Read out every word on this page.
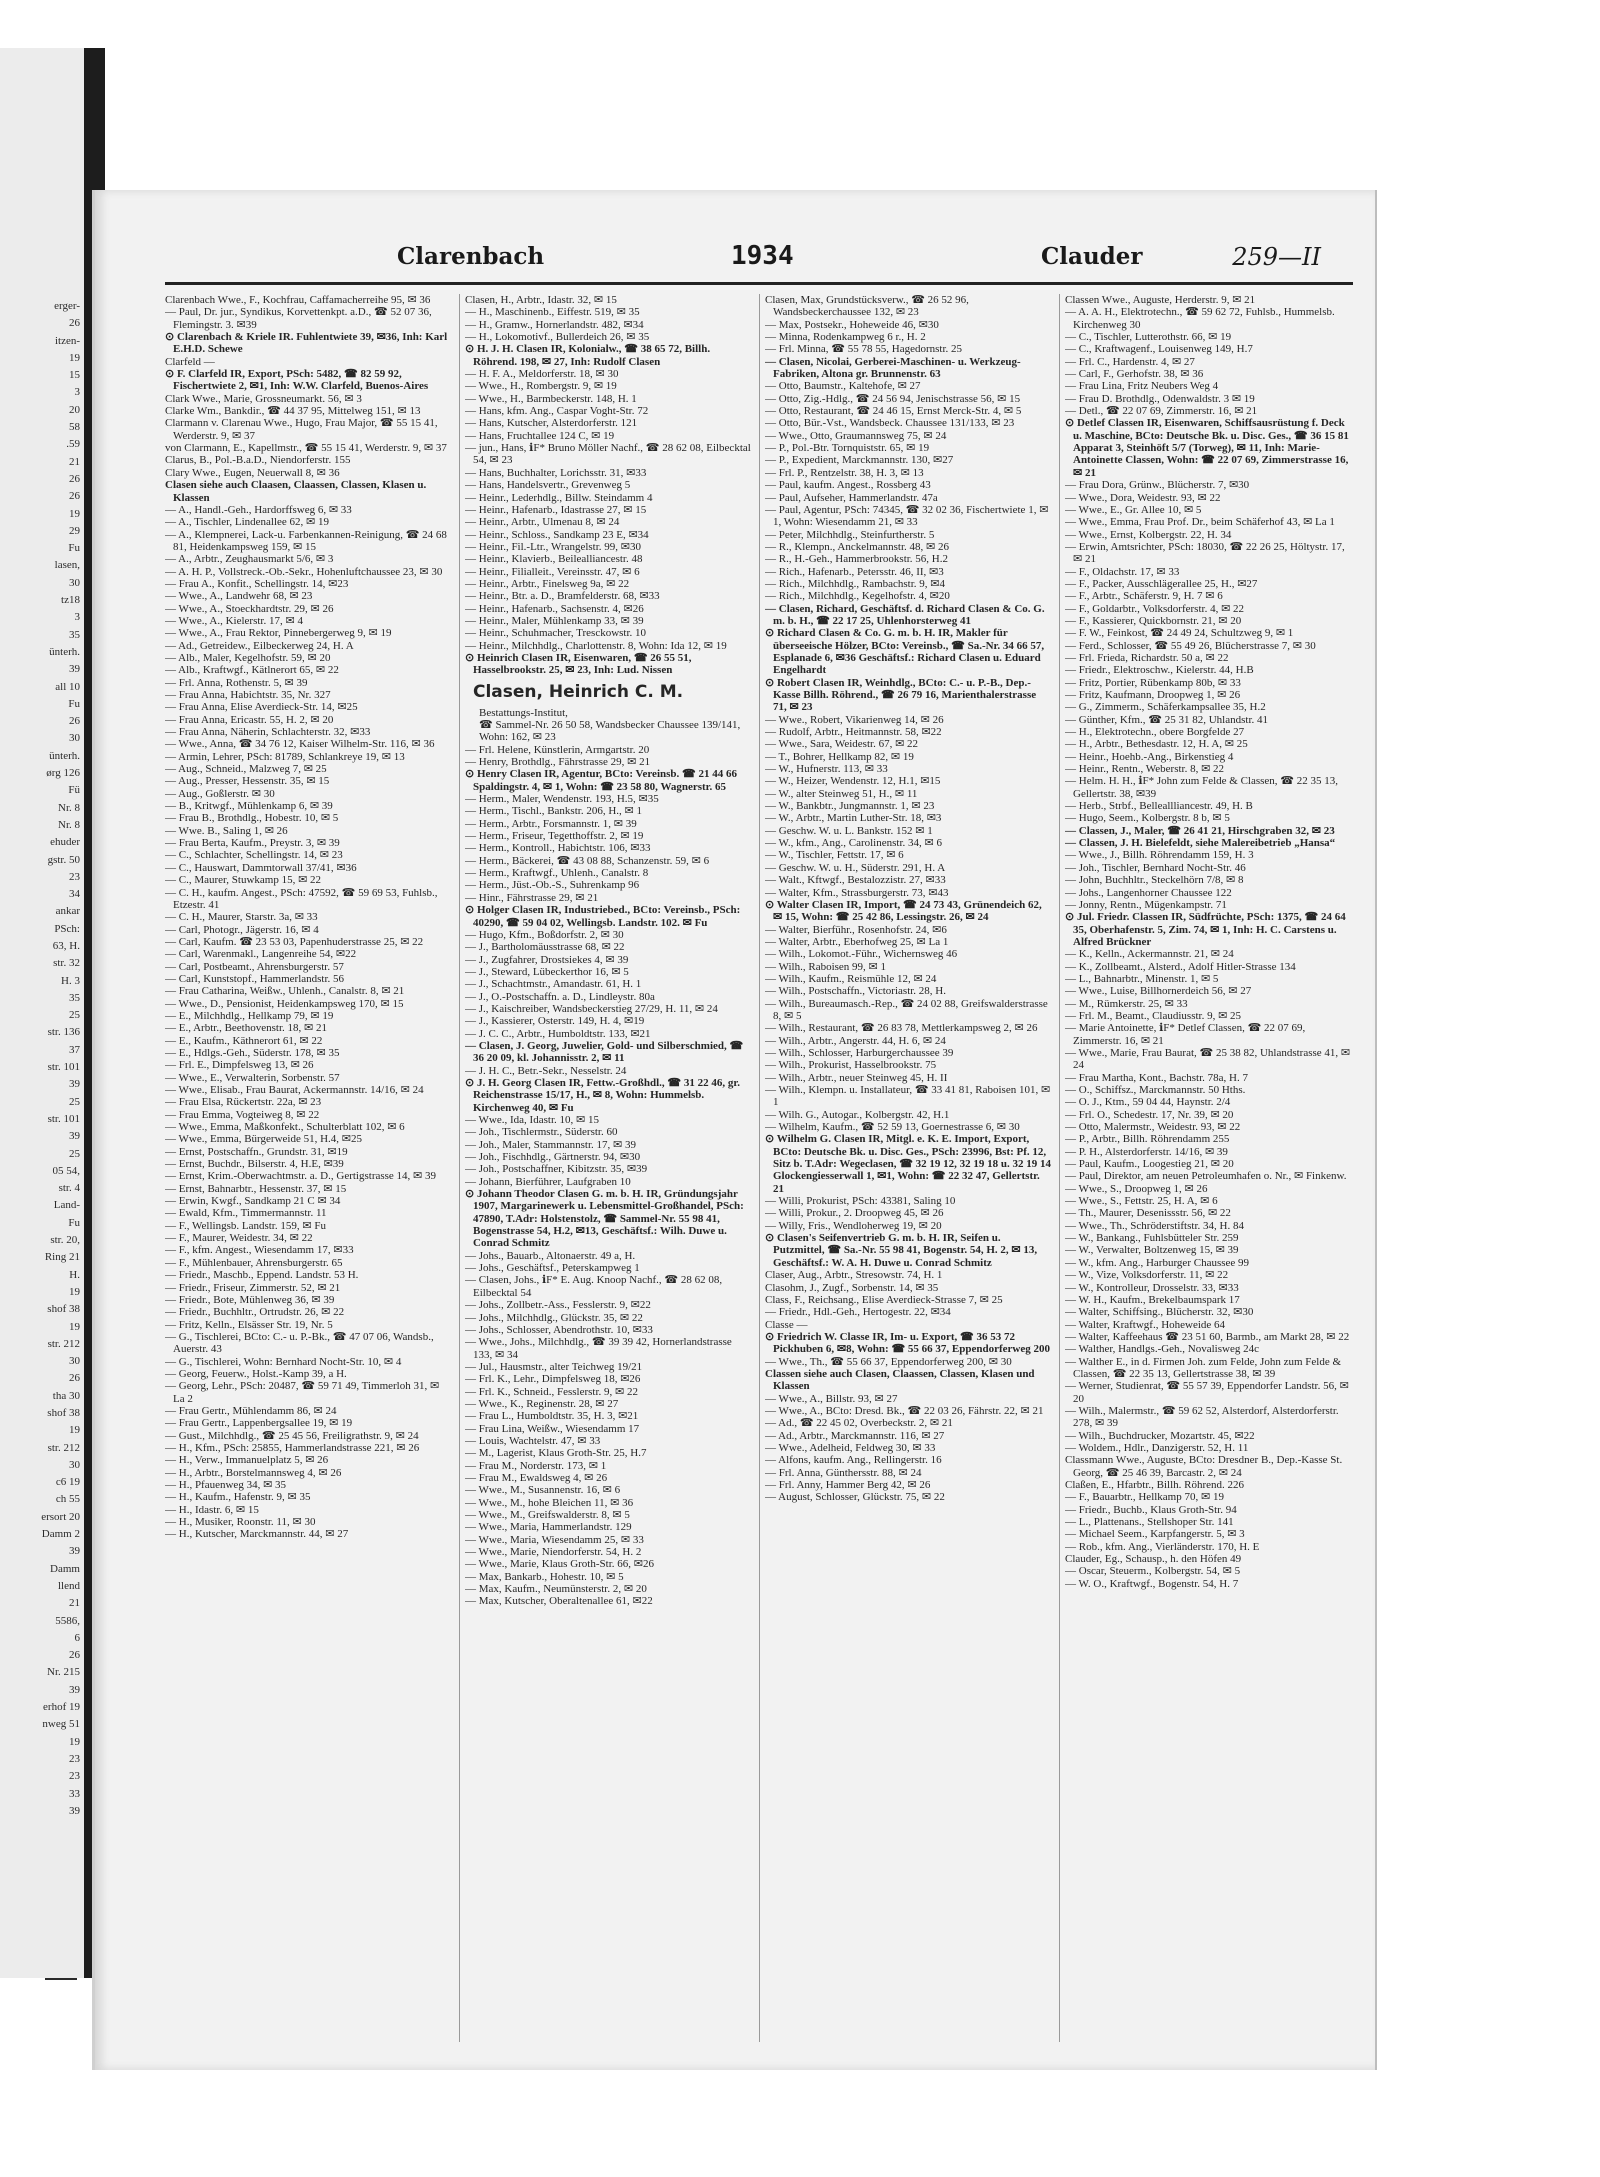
erger-
26
itzen-
19
15
3
20
58
.59
21
26
26
19
29
Fu
lasen,
30
tz18
3
35
ünterh.
39
all 10
Fu
26
30
ünterh.
ørg 126
Fü
Nr. 8
Nr. 8
ehuder
gstr. 50
23
34
ankar
PSch:
63, H.
str. 32
H. 3
35
25
str. 136
37
str. 101
39
25
str. 101
39
25
05 54,
str. 4
Land-
Fu
str. 20,
Ring 21
H.
19
shof 38
19
str. 212
30
26
tha 30
shof 38
19
str. 212
30
c6 19
ch 55
ersort 20
Damm 2
39
Damm
llend
21
5586,
6
26
Nr. 215
39
erhof 19
nweg 51
19
23
23
33
39
Clarenbach	1934	Clauder	259—II
Clarenbach Wwe., F., Kochfrau, Caffamacherreihe 95, ✉ 36
— Paul, Dr. jur., Syndikus, Korvettenkpt. a.D., ☎ 52 07 36, Flemingstr. 3. ✉39
⊙ Clarenbach & Kriele IR. Fuhlentwiete 39, ✉36, Inh: Karl E.H.D. Schewe
Clarfeld —
⊙ F. Clarfeld IR, Export, PSch: 5482, ☎ 82 59 92, Fischertwiete 2, ✉1, Inh: W.W. Clarfeld, Buenos-Aires
Clark Wwe., Marie, Grossneumarkt. 56, ✉ 3
Clarke Wm., Bankdir., ☎ 44 37 95, Mittelweg 151, ✉ 13
Clarmann v. Clarenau Wwe., Hugo, Frau Major, ☎ 55 15 41, Werderstr. 9, ✉ 37
von Clarmann, E., Kapellmstr., ☎ 55 15 41, Werderstr. 9, ✉ 37
Clarus, B., Pol.-B.a.D., Niendorferstr. 155
Clary Wwe., Eugen, Neuerwall 8, ✉ 36
Clasen siehe auch Claasen, Claassen, Classen, Klasen u. Klassen
— A., Handl.-Geh., Hardorffsweg 6, ✉ 33
— A., Tischler, Lindenallee 62, ✉ 19
— A., Klempnerei, Lack-u. Farbenkannen-Reinigung, ☎ 24 68 81, Heidenkampsweg 159, ✉ 15
— A., Arbtr., Zeughausmarkt 5/6, ✉ 3
— A. H. P., Vollstreck.-Ob.-Sekr., Hohenluftchaussee 23, ✉ 30
— Frau A., Konfit., Schellingstr. 14, ✉23
— Wwe., A., Landwehr 68, ✉ 23
— Wwe., A., Stoeckhardtstr. 29, ✉ 26
— Wwe., A., Kielerstr. 17, ✉ 4
— Wwe., A., Frau Rektor, Pinnebergerweg 9, ✉ 19
— Ad., Getreidew., Eilbeckerweg 24, H. A
— Alb., Maler, Kegelhofstr. 59, ✉ 20
— Alb., Kraftwgf., Kätlnerort 65, ✉ 22
— Frl. Anna, Rothenstr. 5, ✉ 39
— Frau Anna, Habichtstr. 35, Nr. 327
— Frau Anna, Elise Averdieck-Str. 14, ✉25
— Frau Anna, Ericastr. 55, H. 2, ✉ 20
— Frau Anna, Näherin, Schlachterstr. 32, ✉33
— Wwe., Anna, ☎ 34 76 12, Kaiser Wilhelm-Str. 116, ✉ 36
— Armin, Lehrer, PSch: 81789, Schlankreye 19, ✉ 13
— Aug., Schneid., Malzweg 7, ✉ 25
— Aug., Presser, Hessenstr. 35, ✉ 15
— Aug., Goßlerstr. ✉ 30
— B., Kritwgf., Mühlenkamp 6, ✉ 39
— Frau B., Brothdlg., Hobestr. 10, ✉ 5
— Wwe. B., Saling 1, ✉ 26
— Frau Berta, Kaufm., Preystr. 3, ✉ 39
— C., Schlachter, Schellingstr. 14, ✉ 23
— C., Hauswart, Dammtorwall 37/41, ✉36
— C., Maurer, Stuwkamp 15, ✉ 22
— C. H., kaufm. Angest., PSch: 47592, ☎ 59 69 53, Fuhlsb., Etzestr. 41
— C. H., Maurer, Starstr. 3a, ✉ 33
— Carl, Photogr., Jägerstr. 16, ✉ 4
— Carl, Kaufm. ☎ 23 53 03, Papenhuderstrasse 25, ✉ 22
— Carl, Warenmakl., Langenreihe 54, ✉22
— Carl, Postbeamt., Ahrensburgerstr. 57
— Carl, Kunststopf., Hammerlandstr. 56
— Frau Catharina, Weißw., Uhlenh., Canalstr. 8, ✉ 21
— Wwe., D., Pensionist, Heidenkampsweg 170, ✉ 15
— E., Milchhdlg., Hellkamp 79, ✉ 19
— E., Arbtr., Beethovenstr. 18, ✉ 21
— E., Kaufm., Käthnerort 61, ✉ 22
— E., Hdlgs.-Geh., Süderstr. 178, ✉ 35
— Frl. E., Dimpfelsweg 13, ✉ 26
— Wwe., E., Verwalterin, Sorbenstr. 57
— Wwe., Elisab., Frau Baurat, Ackermannstr. 14/16, ✉ 24
— Frau Elsa, Rückertstr. 22a, ✉ 23
— Frau Emma, Vogteiweg 8, ✉ 22
— Wwe., Emma, Maßkonfekt., Schulterblatt 102, ✉ 6
— Wwe., Emma, Bürgerweide 51, H.4, ✉25
— Ernst, Postschaffn., Grundstr. 31, ✉19
— Ernst, Buchdr., Bilserstr. 4, H.E, ✉39
— Ernst, Krim.-Oberwachtmstr. a. D., Gertigstrasse 14, ✉ 39
— Ernst, Bahnarbtr., Hessenstr. 37, ✉ 15
— Erwin, Kwgf., Sandkamp 21 C ✉ 34
— Ewald, Kfm., Timmermannstr. 11
— F., Wellingsb. Landstr. 159, ✉ Fu
— F., Maurer, Weidestr. 34, ✉ 22
— F., kfm. Angest., Wiesendamm 17, ✉33
— F., Mühlenbauer, Ahrensburgerstr. 65
— Friedr., Maschb., Eppend. Landstr. 53 H.
— Friedr., Friseur, Zimmerstr. 52, ✉ 21
— Friedr., Bote, Mühlenweg 36, ✉ 39
— Friedr., Buchhltr., Ortrudstr. 26, ✉ 22
— Fritz, Kelln., Elsässer Str. 19, Nr. 5
— G., Tischlerei, BCto: C.- u. P.-Bk., ☎ 47 07 06, Wandsb., Auerstr. 43
— G., Tischlerei, Wohn: Bernhard Nocht-Str. 10, ✉ 4
— Georg, Feuerw., Holst.-Kamp 39, a H.
— Georg, Lehr., PSch: 20487, ☎ 59 71 49, Timmerloh 31, ✉ La 2
— Frau Gertr., Mühlendamm 86, ✉ 24
— Frau Gertr., Lappenbergsallee 19, ✉ 19
— Gust., Milchhdlg., ☎ 25 45 56, Freiligrathstr. 9, ✉ 24
— H., Kfm., PSch: 25855, Hammerlandstrasse 221, ✉ 26
— H., Verw., Immanuelplatz 5, ✉ 26
— H., Arbtr., Borstelmannsweg 4, ✉ 26
— H., Pfauenweg 34, ✉ 35
— H., Kaufm., Hafenstr. 9, ✉ 35
— H., Idastr. 6, ✉ 15
— H., Musiker, Roonstr. 11, ✉ 30
— H., Kutscher, Marckmannstr. 44, ✉ 27
Clasen, H., Arbtr., Idastr. 32, ✉ 15
— H., Maschinenb., Eiffestr. 519, ✉ 35
— H., Gramw., Hornerlandstr. 482, ✉34
— H., Lokomotivf., Bullerdeich 26, ✉ 35
⊙ H. J. H. Clasen IR, Kolonialw., ☎ 38 65 72, Billh. Röhrend. 198, ✉ 27, Inh: Rudolf Clasen
— H. F. A., Meldorferstr. 18, ✉ 30
— Wwe., H., Rombergstr. 9, ✉ 19
— Wwe., H., Barmbeckerstr. 148, H. 1
— Hans, kfm. Ang., Caspar Voght-Str. 72
— Hans, Kutscher, Alsterdorferstr. 121
— Hans, Fruchtallee 124 C, ✉ 19
— jun., Hans, ℹF* Bruno Möller Nachf., ☎ 28 62 08, Eilbecktal 54, ✉ 23
— Hans, Buchhalter, Lorichsstr. 31, ✉33
— Hans, Handelsvertr., Grevenweg 5
— Heinr., Lederhdlg., Billw. Steindamm 4
— Heinr., Hafenarb., Idastrasse 27, ✉ 15
— Heinr., Arbtr., Ulmenau 8, ✉ 24
— Heinr., Schloss., Sandkamp 23 E, ✉34
— Heinr., Fil.-Ltr., Wrangelstr. 99, ✉30
— Heinr., Klavierb., Beilealliancestr. 48
— Heinr., Filialleit., Vereinsstr. 47, ✉ 6
— Heinr., Arbtr., Finelsweg 9a, ✉ 22
— Heinr., Btr. a. D., Bramfelderstr. 68, ✉33
— Heinr., Hafenarb., Sachsenstr. 4, ✉26
— Heinr., Maler, Mühlenkamp 33, ✉ 39
— Heinr., Schuhmacher, Tresckowstr. 10
— Heinr., Milchhdlg., Charlottenstr. 8, Wohn: Ida 12, ✉ 19
⊙ Heinrich Clasen IR, Eisenwaren, ☎ 26 55 51, Hasselbrookstr. 25, ✉ 23, Inh: Lud. Nissen
Clasen, Heinrich C. M.
Bestattungs-Institut,
☎ Sammel-Nr. 26 50 58, Wandsbecker Chaussee 139/141, Wohn: 162, ✉ 23
— Frl. Helene, Künstlerin, Armgartstr. 20
— Henry, Brothdlg., Fährstrasse 29, ✉ 21
⊙ Henry Clasen IR, Agentur, BCto: Vereinsb. ☎ 21 44 66 Spaldingstr. 4, ✉ 1, Wohn: ☎ 23 58 80, Wagnerstr. 65
— Herm., Maler, Wendenstr. 193, H.5, ✉35
— Herm., Tischl., Bankstr. 206, H., ✉ 1
— Herm., Arbtr., Forsmannstr. 1, ✉ 39
— Herm., Friseur, Tegetthoffstr. 2, ✉ 19
— Herm., Kontroll., Habichtstr. 106, ✉33
— Herm., Bäckerei, ☎ 43 08 88, Schanzenstr. 59, ✉ 6
— Herm., Kraftwgf., Uhlenh., Canalstr. 8
— Herm., Jüst.-Ob.-S., Suhrenkamp 96
— Hinr., Fährstrasse 29, ✉ 21
⊙ Holger Clasen IR, Industriebed., BCto: Vereinsb., PSch: 40290, ☎ 59 04 02, Wellingsb. Landstr. 102. ✉ Fu
— Hugo, Kfm., Boßdorfstr. 2, ✉ 30
— J., Bartholomäusstrasse 68, ✉ 22
— J., Zugfahrer, Drostsiekes 4, ✉ 39
— J., Steward, Lübeckerthor 16, ✉ 5
— J., Schachtmstr., Amandastr. 61, H. 1
— J., O.-Postschaffn. a. D., Lindleystr. 80a
— J., Kaischreiber, Wandsbeckerstieg 27/29, H. 11, ✉ 24
— J., Kassierer, Osterstr. 149, H. 4, ✉19
— J. C. C., Arbtr., Humboldtstr. 133, ✉21
— Clasen, J. Georg, Juwelier, Gold- und Silberschmied, ☎ 36 20 09, kl. Johannisstr. 2, ✉ 11
— J. H. C., Betr.-Sekr., Nesselstr. 24
⊙ J. H. Georg Clasen IR, Fettw.-Großhdl., ☎ 31 22 46, gr. Reichenstrasse 15/17, H., ✉ 8, Wohn: Hummelsb. Kirchenweg 40, ✉ Fu
— Wwe., Ida, Idastr. 10, ✉ 15
— Joh., Tischlermstr., Süderstr. 60
— Joh., Maler, Stammannstr. 17, ✉ 39
— Joh., Fischhdlg., Gärtnerstr. 94, ✉30
— Joh., Postschaffner, Kibitzstr. 35, ✉39
— Johann, Bierführer, Laufgraben 10
⊙ Johann Theodor Clasen G. m. b. H. IR, Gründungsjahr 1907, Margarinewerk u. Lebensmittel-Großhandel, PSch: 47890, T.Adr: Holstenstolz, ☎ Sammel-Nr. 55 98 41, Bogenstrasse 54, H.2, ✉13, Geschäftsf.: Wilh. Duwe u. Conrad Schmitz
— Johs., Bauarb., Altonaerstr. 49 a, H.
— Johs., Geschäftsf., Peterskampweg 1
— Clasen, Johs., ℹF* E. Aug. Knoop Nachf., ☎ 28 62 08, Eilbecktal 54
— Johs., Zollbetr.-Ass., Fesslerstr. 9, ✉22
— Johs., Milchhdlg., Glückstr. 35, ✉ 22
— Johs., Schlosser, Abendrothstr. 10, ✉33
— Wwe., Johs., Milchhdlg., ☎ 39 39 42, Hornerlandstrasse 133, ✉ 34
— Jul., Hausmstr., alter Teichweg 19/21
— Frl. K., Lehr., Dimpfelsweg 18, ✉26
— Frl. K., Schneid., Fesslerstr. 9, ✉ 22
— Wwe., K., Reginenstr. 28, ✉ 27
— Frau L., Humboldtstr. 35, H. 3, ✉21
— Frau Lina, Weißw., Wiesendamm 17
— Louis, Wachtelstr. 47, ✉ 33
— M., Lagerist, Klaus Groth-Str. 25, H.7
— Frau M., Norderstr. 173, ✉ 1
— Frau M., Ewaldsweg 4, ✉ 26
— Wwe., M., Susannenstr. 16, ✉ 6
— Wwe., M., hohe Bleichen 11, ✉ 36
— Wwe., M., Greifswalderstr. 8, ✉ 5
— Wwe., Maria, Hammerlandstr. 129
— Wwe., Maria, Wiesendamm 25, ✉ 33
— Wwe., Marie, Niendorferstr. 54, H. 2
— Wwe., Marie, Klaus Groth-Str. 66, ✉26
— Max, Bankarb., Hohestr. 10, ✉ 5
— Max, Kaufm., Neumünsterstr. 2, ✉ 20
— Max, Kutscher, Oberaltenallee 61, ✉22
Clasen, Max, Grundstücksverw., ☎ 26 52 96, Wandsbeckerchaussee 132, ✉ 23
— Max, Postsekr., Hoheweide 46, ✉30
— Minna, Rodenkampweg 6 r., H. 2
— Frl. Minna, ☎ 55 78 55, Hagedornstr. 25
— Clasen, Nicolai, Gerberei-Maschinen- u. Werkzeug-Fabriken, Altona gr. Brunnenstr. 63
— Otto, Baumstr., Kaltehofe, ✉ 27
— Otto, Zig.-Hdlg., ☎ 24 56 94, Jenischstrasse 56, ✉ 15
— Otto, Restaurant, ☎ 24 46 15, Ernst Merck-Str. 4, ✉ 5
— Otto, Bür.-Vst., Wandsbeck. Chaussee 131/133, ✉ 23
— Wwe., Otto, Graumannsweg 75, ✉ 24
— P., Pol.-Btr. Tornquiststr. 65, ✉ 19
— P., Expedient, Marckmannstr. 130, ✉27
— Frl. P., Rentzelstr. 38, H. 3, ✉ 13
— Paul, kaufm. Angest., Rossberg 43
— Paul, Aufseher, Hammerlandstr. 47a
— Paul, Agentur, PSch: 74345, ☎ 32 02 36, Fischertwiete 1, ✉ 1, Wohn: Wiesendamm 21, ✉ 33
— Peter, Milchhdlg., Steinfurtherstr. 5
— R., Klempn., Anckelmannstr. 48, ✉ 26
— R., H.-Geh., Hammerbrookstr. 56, H.2
— Rich., Hafenarb., Petersstr. 46, II, ✉3
— Rich., Milchhdlg., Rambachstr. 9, ✉4
— Rich., Milchhdlg., Kegelhofstr. 4, ✉20
— Clasen, Richard, Geschäftsf. d. Richard Clasen & Co. G. m. b. H., ☎ 22 17 25, Uhlenhorsterweg 41
⊙ Richard Clasen & Co. G. m. b. H. IR, Makler für überseeische Hölzer, BCto: Vereinsb., ☎ Sa.-Nr. 34 66 57, Esplanade 6, ✉36 Geschäftsf.: Richard Clasen u. Eduard Engelhardt
⊙ Robert Clasen IR, Weinhdlg., BCto: C.- u. P.-B., Dep.-Kasse Billh. Röhrend., ☎ 26 79 16, Marienthalerstrasse 71, ✉ 23
— Wwe., Robert, Vikarienweg 14, ✉ 26
— Rudolf, Arbtr., Heitmannstr. 58, ✉22
— Wwe., Sara, Weidestr. 67, ✉ 22
— T., Bohrer, Hellkamp 82, ✉ 19
— W., Hufnerstr. 113, ✉ 33
— W., Heizer, Wendenstr. 12, H.1, ✉15
— W., alter Steinweg 51, H., ✉ 11
— W., Bankbtr., Jungmannstr. 1, ✉ 23
— W., Arbtr., Martin Luther-Str. 18, ✉3
— Geschw. W. u. L. Bankstr. 152 ✉ 1
— W., kfm., Ang., Carolinenstr. 34, ✉ 6
— W., Tischler, Fettstr. 17, ✉ 6
— Geschw. W. u. H., Süderstr. 291, H. A
— Walt., Kftwgf., Bestalozzistr. 27, ✉33
— Walter, Kfm., Strassburgerstr. 73, ✉43
⊙ Walter Clasen IR, Import, ☎ 24 73 43, Grünendeich 62, ✉ 15, Wohn: ☎ 25 42 86, Lessingstr. 26, ✉ 24
— Walter, Bierführ., Rosenhofstr. 24, ✉6
— Walter, Arbtr., Eberhofweg 25, ✉ La 1
— Wilh., Lokomot.-Führ., Wichernsweg 46
— Wilh., Raboisen 99, ✉ 1
— Wilh., Kaufm., Reismühle 12, ✉ 24
— Wilh., Postschaffn., Victoriastr. 28, H.
— Wilh., Bureaumasch.-Rep., ☎ 24 02 88, Greifswalderstrasse 8, ✉ 5
— Wilh., Restaurant, ☎ 26 83 78, Mettlerkampsweg 2, ✉ 26
— Wilh., Arbtr., Angerstr. 44, H. 6, ✉ 24
— Wilh., Schlosser, Harburgerchaussee 39
— Wilh., Prokurist, Hasselbrookstr. 75
— Wilh., Arbtr., neuer Steinweg 45, H. II
— Wilh., Klempn. u. Installateur, ☎ 33 41 81, Raboisen 101, ✉ 1
— Wilh. G., Autogar., Kolbergstr. 42, H.1
— Wilhelm, Kaufm., ☎ 52 59 13, Goernestrasse 6, ✉ 30
⊙ Wilhelm G. Clasen IR, Mitgl. e. K. E. Import, Export, BCto: Deutsche Bk. u. Disc. Ges., PSch: 23996, Bst: Pf. 12, Sitz b. T.Adr: Wegeclasen, ☎ 32 19 12, 32 19 18 u. 32 19 14 Glockengiesserwall 1, ✉1, Wohn: ☎ 22 32 47, Gellertstr. 21
— Willi, Prokurist, PSch: 43381, Saling 10
— Willi, Prokur., 2. Droopweg 45, ✉ 26
— Willy, Fris., Wendloherweg 19, ✉ 20
⊙ Clasen's Seifenvertrieb G. m. b. H. IR, Seifen u. Putzmittel, ☎ Sa.-Nr. 55 98 41, Bogenstr. 54, H. 2, ✉ 13, Geschäftsf.: W. A. H. Duwe u. Conrad Schmitz
Claser, Aug., Arbtr., Stresowstr. 74, H. 1
Clasohm, J., Zugf., Sorbenstr. 14, ✉ 35
Class, F., Reichsang., Elise Averdieck-Strasse 7, ✉ 25
— Friedr., Hdl.-Geh., Hertogestr. 22, ✉34
Classe —
⊙ Friedrich W. Classe IR, Im- u. Export, ☎ 36 53 72 Pickhuben 6, ✉8, Wohn: ☎ 55 66 37, Eppendorferweg 200
— Wwe., Th., ☎ 55 66 37, Eppendorferweg 200, ✉ 30
Classen siehe auch Clasen, Claassen, Classen, Klasen und Klassen
— Wwe., A., Billstr. 93, ✉ 27
— Wwe., A., BCto: Dresd. Bk., ☎ 22 03 26, Fährstr. 22, ✉ 21
— Ad., ☎ 22 45 02, Overbeckstr. 2, ✉ 21
— Ad., Arbtr., Marckmannstr. 116, ✉ 27
— Wwe., Adelheid, Feldweg 30, ✉ 33
— Alfons, kaufm. Ang., Rellingerstr. 16
— Frl. Anna, Günthersstr. 88, ✉ 24
— Frl. Anny, Hammer Berg 42, ✉ 26
— August, Schlosser, Glückstr. 75, ✉ 22
Classen Wwe., Auguste, Herderstr. 9, ✉ 21
— A. A. H., Elektrotechn., ☎ 59 62 72, Fuhlsb., Hummelsb. Kirchenweg 30
— C., Tischler, Lutterothstr. 66, ✉ 19
— C., Kraftwagenf., Louisenweg 149, H.7
— Frl. C., Hardenstr. 4, ✉ 27
— Carl, F., Gerhofstr. 38, ✉ 36
— Frau Lina, Fritz Neubers Weg 4
— Frau D. Brothdlg., Odenwaldstr. 3 ✉ 19
— Detl., ☎ 22 07 69, Zimmerstr. 16, ✉ 21
⊙ Detlef Classen IR, Eisenwaren, Schiffsausrüstung f. Deck u. Maschine, BCto: Deutsche Bk. u. Disc. Ges., ☎ 36 15 81 Apparat 3, Steinhöft 5/7 (Torweg), ✉ 11, Inh: Marie-Antoinette Classen, Wohn: ☎ 22 07 69, Zimmerstrasse 16, ✉ 21
— Frau Dora, Grünw., Blücherstr. 7, ✉30
— Wwe., Dora, Weidestr. 93, ✉ 22
— Wwe., E., Gr. Allee 10, ✉ 5
— Wwe., Emma, Frau Prof. Dr., beim Schäferhof 43, ✉ La 1
— Wwe., Ernst, Kolbergstr. 22, H. 34
— Erwin, Amtsrichter, PSch: 18030, ☎ 22 26 25, Höltystr. 17, ✉ 21
— F., Oldachstr. 17, ✉ 33
— F., Packer, Ausschlägerallee 25, H., ✉27
— F., Arbtr., Schäferstr. 9, H. 7 ✉ 6
— F., Goldarbtr., Volksdorferstr. 4, ✉ 22
— F., Kassierer, Quickbornstr. 21, ✉ 20
— F. W., Feinkost, ☎ 24 49 24, Schultzweg 9, ✉ 1
— Ferd., Schlosser, ☎ 55 49 26, Blücherstrasse 7, ✉ 30
— Frl. Frieda, Richardstr. 50 a, ✉ 22
— Friedr., Elektroschw., Kielerstr. 44, H.B
— Fritz, Portier, Rübenkamp 80b, ✉ 33
— Fritz, Kaufmann, Droopweg 1, ✉ 26
— G., Zimmerm., Schäferkampsallee 35, H.2
— Günther, Kfm., ☎ 25 31 82, Uhlandstr. 41
— H., Elektrotechn., obere Borgfelde 27
— H., Arbtr., Bethesdastr. 12, H. A, ✉ 25
— Heinr., Hoehb.-Ang., Birkenstieg 4
— Heinr., Rentn., Weberstr. 8, ✉ 22
— Helm. H. H., ℹF* John zum Felde & Classen, ☎ 22 35 13, Gellertstr. 38, ✉39
— Herb., Strbf., Belleallliancestr. 49, H. B
— Hugo, Seem., Kolbergstr. 8 b, ✉ 5
— Classen, J., Maler, ☎ 26 41 21, Hirschgraben 32, ✉ 23
— Classen, J. H. Bielefeldt, siehe Malereibetrieb „Hansa“
— Wwe., J., Billh. Röhrendamm 159, H. 3
— Joh., Tischler, Bernhard Nocht-Str. 46
— John, Buchhltr., Steckelhörn 7/8, ✉ 8
— Johs., Langenhorner Chaussee 122
— Jonny, Rentn., Mügenkampstr. 71
⊙ Jul. Friedr. Classen IR, Südfrüchte, PSch: 1375, ☎ 24 64 35, Oberhafenstr. 5, Zim. 74, ✉ 1, Inh: H. C. Carstens u. Alfred Brückner
— K., Kelln., Ackermannstr. 21, ✉ 24
— K., Zollbeamt., Alsterd., Adolf Hitler-Strasse 134
— L., Bahnarbtr., Minenstr. 1, ✉ 5
— Wwe., Luise, Billhornerdeich 56, ✉ 27
— M., Rümkerstr. 25, ✉ 33
— Frl. M., Beamt., Claudiusstr. 9, ✉ 25
— Marie Antoinette, ℹF* Detlef Classen, ☎ 22 07 69, Zimmerstr. 16, ✉ 21
— Wwe., Marie, Frau Baurat, ☎ 25 38 82, Uhlandstrasse 41, ✉ 24
— Frau Martha, Kont., Bachstr. 78a, H. 7
— O., Schiffsz., Marckmannstr. 50 Hths.
— O. J., Ktm., 59 04 44, Haynstr. 2/4
— Frl. O., Schedestr. 17, Nr. 39, ✉ 20
— Otto, Malermstr., Weidestr. 93, ✉ 22
— P., Arbtr., Billh. Röhrendamm 255
— P. H., Alsterdorferstr. 14/16, ✉ 39
— Paul, Kaufm., Loogestieg 21, ✉ 20
— Paul, Direktor, am neuen Petroleumhafen o. Nr., ✉ Finkenw.
— Wwe., S., Droopweg 1, ✉ 26
— Wwe., S., Fettstr. 25, H. A, ✉ 6
— Th., Maurer, Desenissstr. 56, ✉ 22
— Wwe., Th., Schröderstiftstr. 34, H. 84
— W., Bankang., Fuhlsbütteler Str. 259
— W., Verwalter, Boltzenweg 15, ✉ 39
— W., kfm. Ang., Harburger Chaussee 99
— W., Vize, Volksdorferstr. 11, ✉ 22
— W., Kontrolleur, Drosselstr. 33, ✉33
— W. H., Kaufm., Brekelbaumspark 17
— Walter, Schiffsing., Blücherstr. 32, ✉30
— Walter, Kraftwgf., Hoheweide 64
— Walter, Kaffeehaus ☎ 23 51 60, Barmb., am Markt 28, ✉ 22
— Walther, Handlgs.-Geh., Novalisweg 24c
— Walther E., in d. Firmen Joh. zum Felde, John zum Felde & Classen, ☎ 22 35 13, Gellertstrasse 38, ✉ 39
— Werner, Studienrat, ☎ 55 57 39, Eppendorfer Landstr. 56, ✉ 20
— Wilh., Malermstr., ☎ 59 62 52, Alsterdorf, Alsterdorferstr. 278, ✉ 39
— Wilh., Buchdrucker, Mozartstr. 45, ✉22
— Woldem., Hdlr., Danzigerstr. 52, H. 11
Classmann Wwe., Auguste, BCto: Dresdner B., Dep.-Kasse St. Georg, ☎ 25 46 39, Barcastr. 2, ✉ 24
Claßen, E., Hfarbtr., Billh. Röhrend. 226
— F., Bauarbtr., Hellkamp 70, ✉ 19
— Friedr., Buchb., Klaus Groth-Str. 94
— L., Plattenans., Stellshoper Str. 141
— Michael Seem., Karpfangerstr. 5, ✉ 3
— Rob., kfm. Ang., Vierländerstr. 170, H. E
Clauder, Eg., Schausp., h. den Höfen 49
— Oscar, Steuerm., Kolbergstr. 54, ✉ 5
— W. O., Kraftwgf., Bogenstr. 54, H. 7
